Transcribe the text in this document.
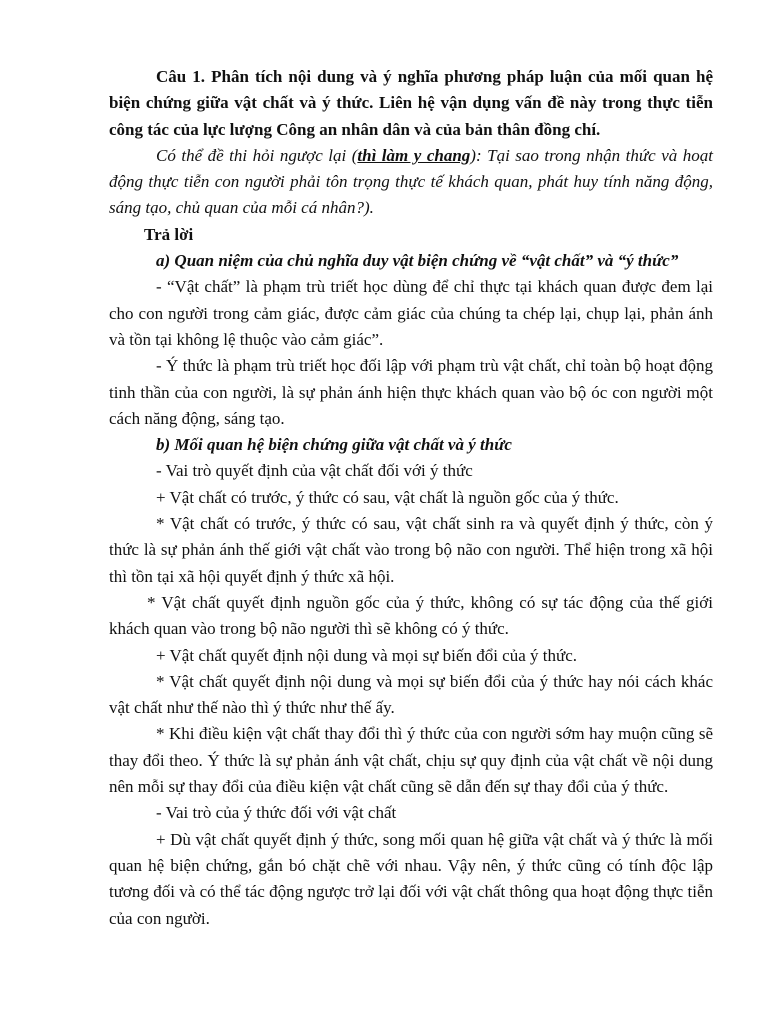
Câu 1. Phân tích nội dung và ý nghĩa phương pháp luận của mối quan hệ biện chứng giữa vật chất và ý thức. Liên hệ vận dụng vấn đề này trong thực tiễn công tác của lực lượng Công an nhân dân và của bản thân đồng chí.

Có thể đề thi hỏi ngược lại (thì làm y chang): Tại sao trong nhận thức và hoạt động thực tiễn con người phải tôn trọng thực tế khách quan, phát huy tính năng động, sáng tạo, chủ quan của mỗi cá nhân?).

Trả lời

a) Quan niệm của chủ nghĩa duy vật biện chứng về “vật chất” và “ý thức”

- “Vật chất” là phạm trù triết học dùng để chỉ thực tại khách quan được đem lại cho con người trong cảm giác, được cảm giác của chúng ta chép lại, chụp lại, phản ánh và tồn tại không lệ thuộc vào cảm giác”.

- Ý thức là phạm trù triết học đối lập với phạm trù vật chất, chỉ toàn bộ hoạt động tinh thần của con người, là sự phản ánh hiện thực khách quan vào bộ óc con người một cách năng động, sáng tạo.

b) Mối quan hệ biện chứng giữa vật chất và ý thức

- Vai trò quyết định của vật chất đối với ý thức

+ Vật chất có trước, ý thức có sau, vật chất là nguồn gốc của ý thức.

* Vật chất có trước, ý thức có sau, vật chất sinh ra và quyết định ý thức, còn ý thức là sự phản ánh thế giới vật chất vào trong bộ não con người. Thể hiện trong xã hội thì tồn tại xã hội quyết định ý thức xã hội.

* Vật chất quyết định nguồn gốc của ý thức, không có sự tác động của thế giới khách quan vào trong bộ não người thì sẽ không có ý thức.

+ Vật chất quyết định nội dung và mọi sự biến đổi của ý thức.

* Vật chất quyết định nội dung và mọi sự biến đổi của ý thức hay nói cách khác vật chất như thế nào thì ý thức như thế ấy.

* Khi điều kiện vật chất thay đổi thì ý thức của con người sớm hay muộn cũng sẽ thay đổi theo. Ý thức là sự phản ánh vật chất, chịu sự quy định của vật chất về nội dung nên mỗi sự thay đổi của điều kiện vật chất cũng sẽ dẫn đến sự thay đổi của ý thức.

- Vai trò của ý thức đối với vật chất

+ Dù vật chất quyết định ý thức, song mối quan hệ giữa vật chất và ý thức là mối quan hệ biện chứng, gắn bó chặt chẽ với nhau. Vậy nên, ý thức cũng có tính độc lập tương đối và có thể tác động ngược trở lại đối với vật chất thông qua hoạt động thực tiễn của con người.
